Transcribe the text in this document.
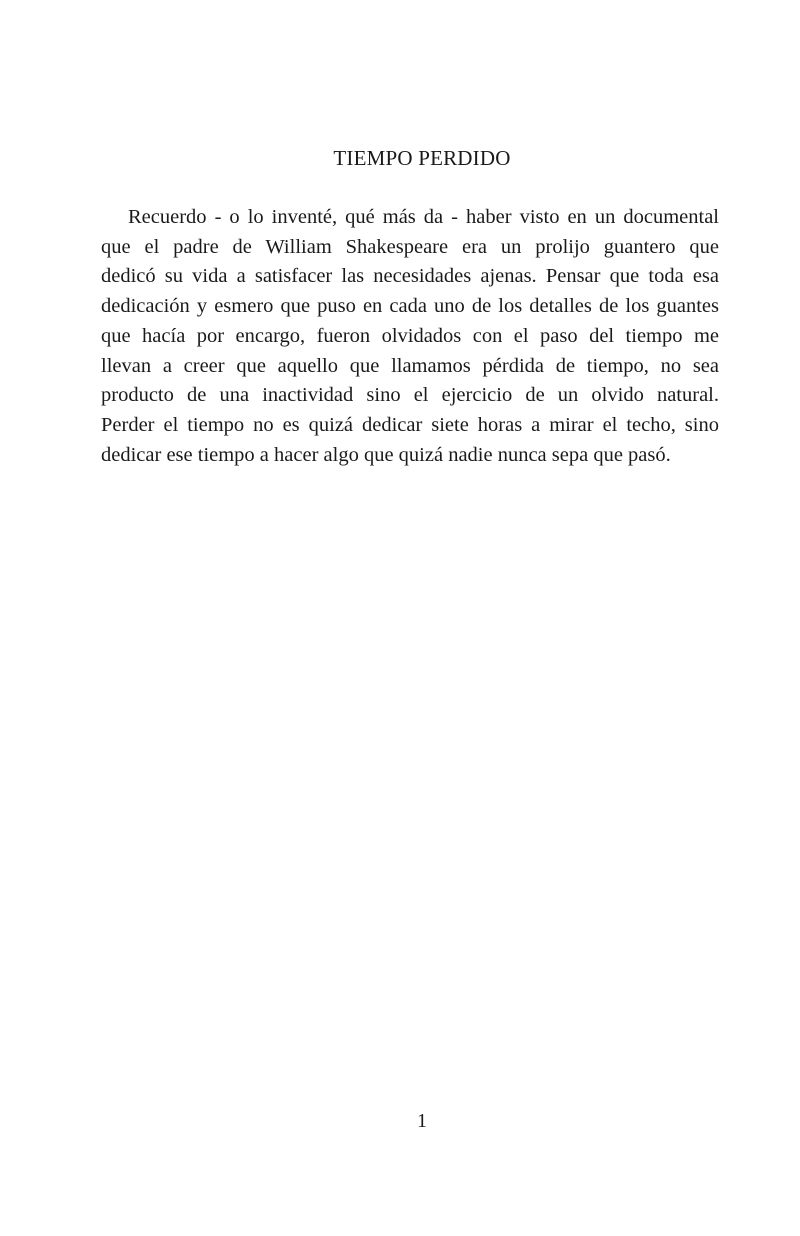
TIEMPO PERDIDO
Recuerdo - o lo inventé, qué más da - haber visto en un documental
que el padre de William Shakespeare era un prolijo guantero que
dedicó su vida a satisfacer las necesidades ajenas. Pensar que toda esa
dedicación y esmero que puso en cada uno de los detalles de los guantes
que hacía por encargo, fueron olvidados con el paso del tiempo me
llevan a creer que aquello que llamamos pérdida de tiempo, no sea
producto de una inactividad sino el ejercicio de un olvido natural.
Perder el tiempo no es quizá dedicar siete horas a mirar el techo, sino
dedicar ese tiempo a hacer algo que quizá nadie nunca sepa que pasó.
1
